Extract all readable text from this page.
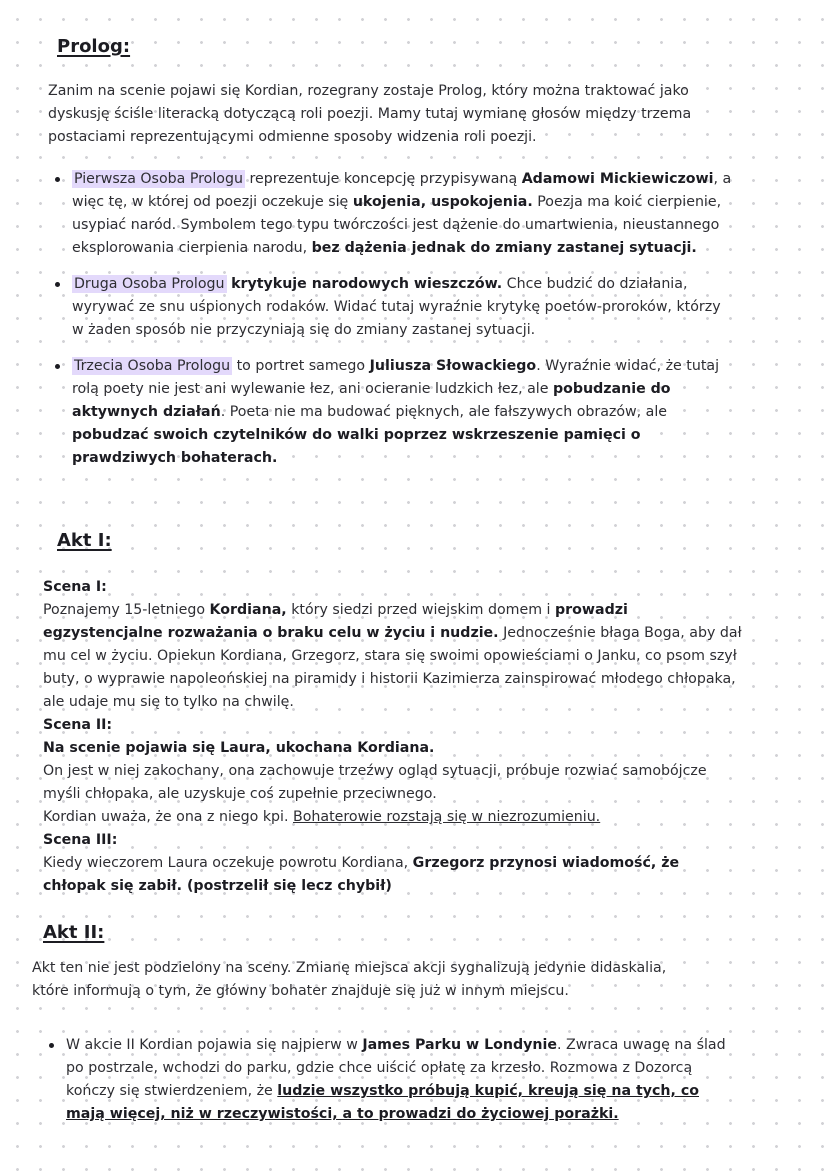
Prolog:

Zanim na scenie pojawi się Kordian, rozegrany zostaje Prolog, który można traktować jako dyskusję ściśle literacką dotyczącą roli poezji. Mamy tutaj wymianę głosów między trzema postaciami reprezentującymi odmienne sposoby widzenia roli poezji.

Pierwsza Osoba Prologu reprezentuje koncepcję przypisywaną Adamowi Mickiewiczowi, a więc tę, w której od poezji oczekuje się ukojenia, uspokojenia. Poezja ma koić cierpienie, usypiać naród. Symbolem tego typu twórczości jest dążenie do umartwienia, nieustannego eksplorowania cierpienia narodu, bez dążenia jednak do zmiany zastanej sytuacji.
Druga Osoba Prologu krytykuje narodowych wieszczów. Chce budzić do działania, wyrywać ze snu uśpionych rodaków. Widać tutaj wyraźnie krytykę poetów-proroków, którzy w żaden sposób nie przyczyniają się do zmiany zastanej sytuacji.
Trzecia Osoba Prologu to portret samego Juliusza Słowackiego. Wyraźnie widać, że tutaj rolą poety nie jest ani wylewanie łez, ani ocieranie ludzkich łez, ale pobudzanie do aktywnych działań. Poeta nie ma budować pięknych, ale fałszywych obrazów, ale pobudzać swoich czytelników do walki poprzez wskrzeszenie pamięci o prawdziwych bohaterach.
Akt I:

Scena I:

Poznajemy 15-letniego Kordiana, który siedzi przed wiejskim domem i prowadzi egzystencjalne rozważania o braku celu w życiu i nudzie. Jednocześnie błaga Boga, aby dał mu cel w życiu. Opiekun Kordiana, Grzegorz, stara się swoimi opowieściami o Janku, co psom szył buty, o wyprawie napoleońskiej na piramidy i historii Kazimierza zainspirować młodego chłopaka, ale udaje mu się to tylko na chwilę.

Scena II:

Na scenie pojawia się Laura, ukochana Kordiana.

On jest w niej zakochany, ona zachowuje trzeźwy ogląd sytuacji, próbuje rozwiać samobójcze myśli chłopaka, ale uzyskuje coś zupełnie przeciwnego.

Kordian uważa, że ona z niego kpi. Bohaterowie rozstają się w niezrozumieniu.

Scena III:

Kiedy wieczorem Laura oczekuje powrotu Kordiana, Grzegorz przynosi wiadomość, że chłopak się zabił. (postrzelił się lecz chybił)

Akt II:

Akt ten nie jest podzielony na sceny. Zmianę miejsca akcji sygnalizują jedynie didaskalia, które informują o tym, że główny bohater znajduje się już w innym miejscu.

W akcie II Kordian pojawia się najpierw w James Parku w Londynie. Zwraca uwagę na ślad po postrzale, wchodzi do parku, gdzie chce uiścić opłatę za krzesło. Rozmowa z Dozorcą kończy się stwierdzeniem, że ludzie wszystko próbują kupić, kreują się na tych, co mają więcej, niż w rzeczywistości, a to prowadzi do życiowej porażki.
